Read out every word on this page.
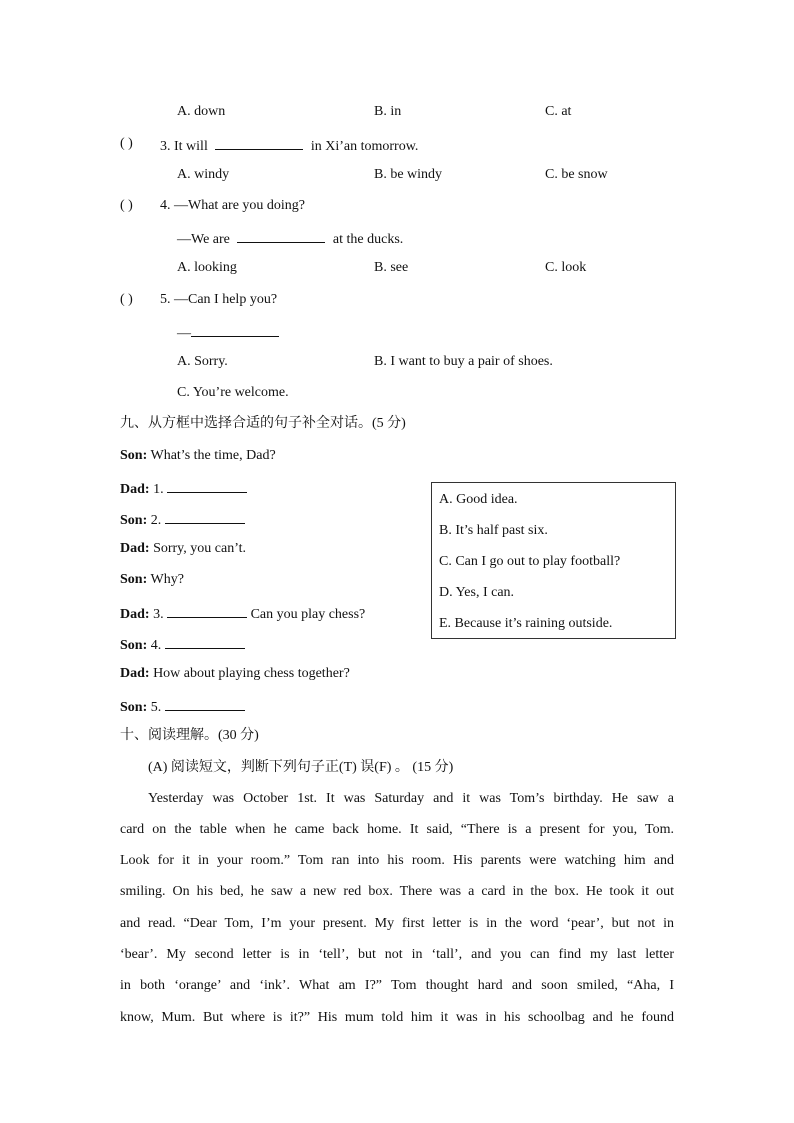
A. down	B. in	C. at
( ) 3. It will	in Xi’an tomorrow.
A. windy	B. be windy	C. be snow
( ) 4. —What are you doing?
—We are	at the ducks.
A. looking	B. see	C. look
( ) 5. —Can I help you?
—
A. Sorry.	B. I want to buy a pair of shoes.
C. You’re welcome.
九、从方框中选择合适的句子补全对话。(5 分)
Son: What’s the time, Dad?
Dad: 1.
Son: 2.
Dad: Sorry, you can’t.
Son: Why?
Dad: 3.	Can you play chess?
Son: 4.
Dad: How about playing chess together?
Son: 5.
A. Good idea.
B. It’s half past six.
C. Can I go out to play football?
D. Yes, I can.
E. Because it’s raining outside.
十、阅读理解。(30 分)
(A) 阅读短文，判断下列句子正(T) 误(F) 。 (15 分)
Yesterday was October 1st. It was Saturday and it was Tom’s birthday. He saw a
card on the table when he came back home. It said, “There is a present for you, Tom.
Look for it in your room.” Tom ran into his room. His parents were watching him and
smiling. On his bed, he saw a new red box. There was a card in the box. He took it out
and read. “Dear Tom, I’m your present. My first letter is in the word ‘pear’, but not in
‘bear’. My second letter is in ‘tell’, but not in ‘tall’, and you can find my last letter
in both ‘orange’ and ‘ink’. What am I?” Tom thought hard and soon smiled, “Aha, I
know, Mum. But where is it?” His mum told him it was in his schoolbag and he found
